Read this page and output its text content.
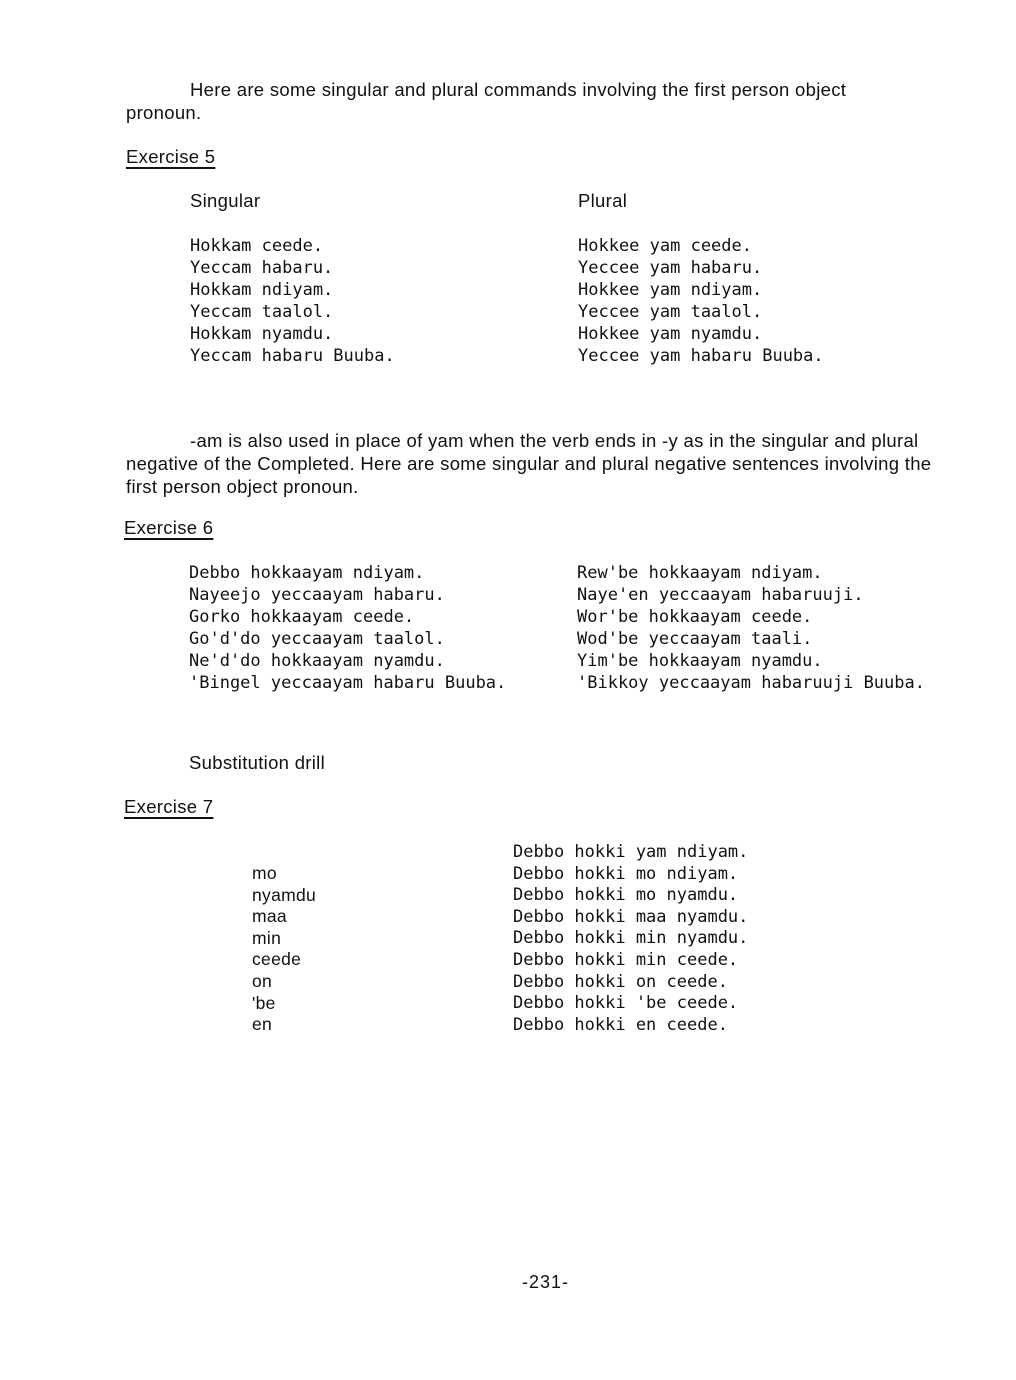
Here are some singular and plural commands involving the first person object pronoun.

Exercise 5
Singular	Plural
Hokkam ceede.
Yeccam habaru.
Hokkam ndiyam.
Yeccam taalol.
Hokkam nyamdu.
Yeccam habaru Buuba.
Hokkee yam ceede.
Yeccee yam habaru.
Hokkee yam ndiyam.
Yeccee yam taalol.
Hokkee yam nyamdu.
Yeccee yam habaru Buuba.

-am is also used in place of yam when the verb ends in -y as in the singular and plural negative of the Completed. Here are some singular and plural negative sentences involving the first person object pronoun.

Exercise 6
Debbo hokkaayam ndiyam.
Nayeejo yeccaayam habaru.
Gorko hokkaayam ceede.
Go'd'do yeccaayam taalol.
Ne'd'do hokkaayam nyamdu.
'Bingel yeccaayam habaru Buuba.
Rew'be hokkaayam ndiyam.
Naye'en yeccaayam habaruuji.
Wor'be hokkaayam ceede.
Wod'be yeccaayam taali.
Yim'be hokkaayam nyamdu.
'Bikkoy yeccaayam habaruuji Buuba.
Substitution drill
Exercise 7
mo
nyamdu
maa
min
ceede
on
'be
en
Debbo hokki yam ndiyam.
Debbo hokki mo ndiyam.
Debbo hokki mo nyamdu.
Debbo hokki maa nyamdu.
Debbo hokki min nyamdu.
Debbo hokki min ceede.
Debbo hokki on ceede.
Debbo hokki 'be ceede.
Debbo hokki en ceede.
-231-
